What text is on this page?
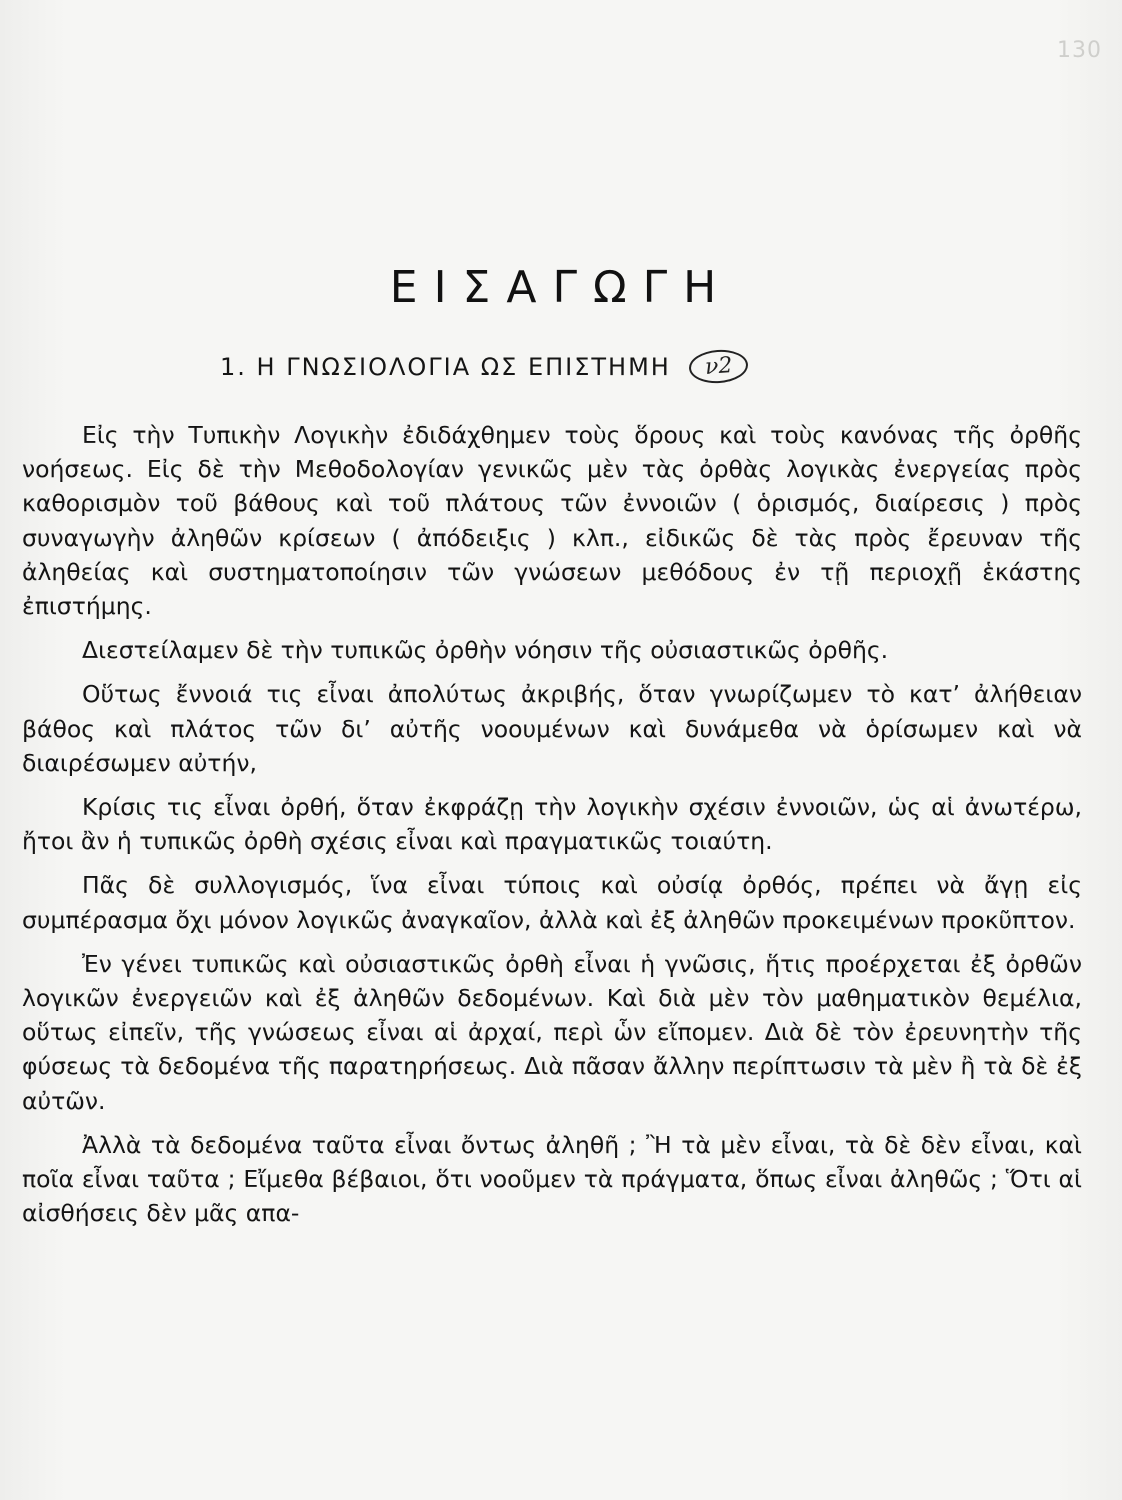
130
ΕΙΣΑΓΩΓΗ
1. Η ΓΝΩΣΙΟΛΟΓΙΑ ΩΣ ΕΠΙΣΤΗΜΗ	ν2

Εἰς τὴν Τυπικὴν Λογικὴν ἐδιδάχθημεν τοὺς ὅρους καὶ τοὺς κανόνας τῆς ὀρθῆς νοήσεως. Εἰς δὲ τὴν Μεθοδολογίαν γενικῶς μὲν τὰς ὀρθὰς λογικὰς ἐνεργείας πρὸς καθορισμὸν τοῦ βάθους καὶ τοῦ πλάτους τῶν ἐννοιῶν ( ὁρισμός, διαίρεσις ) πρὸς συναγωγὴν ἀληθῶν κρίσεων ( ἀπόδειξις ) κλπ., εἰδικῶς δὲ τὰς πρὸς ἔρευναν τῆς ἀληθείας καὶ συστηματοποίησιν τῶν γνώσεων μεθόδους ἐν τῇ περιοχῇ ἑκάστης ἐπιστήμης.

Διεστείλαμεν δὲ τὴν τυπικῶς ὀρθὴν νόησιν τῆς οὐσιαστικῶς ὀρθῆς.

Οὕτως ἔννοιά τις εἶναι ἀπολύτως ἀκριβής, ὅταν γνωρίζωμεν τὸ κατ’ ἀλήθειαν βάθος καὶ πλάτος τῶν δι’ αὐτῆς νοουμένων καὶ δυνάμεθα νὰ ὁρίσωμεν καὶ νὰ διαιρέσωμεν αὐτήν,

Κρίσις τις εἶναι ὀρθή, ὅταν ἐκφράζῃ τὴν λογικὴν σχέσιν ἐννοιῶν, ὡς αἱ ἀνωτέρω, ἤτοι ἂν ἡ τυπικῶς ὀρθὴ σχέσις εἶναι καὶ πραγματικῶς τοιαύτη.

Πᾶς δὲ συλλογισμός, ἵνα εἶναι τύποις καὶ οὐσίᾳ ὀρθός, πρέπει νὰ ἄγῃ εἰς συμπέρασμα ὄχι μόνον λογικῶς ἀναγκαῖον, ἀλλὰ καὶ ἐξ ἀληθῶν προκειμένων προκῦπτον.

Ἐν γένει τυπικῶς καὶ οὐσιαστικῶς ὀρθὴ εἶναι ἡ γνῶσις, ἥτις προέρχεται ἐξ ὀρθῶν λογικῶν ἐνεργειῶν καὶ ἐξ ἀληθῶν δεδομένων. Καὶ διὰ μὲν τὸν μαθηματικὸν θεμέλια, οὕτως εἰπεῖν, τῆς γνώσεως εἶναι αἱ ἀρχαί, περὶ ὧν εἴπομεν. Διὰ δὲ τὸν ἐρευνητὴν τῆς φύσεως τὰ δεδομένα τῆς παρατηρήσεως. Διὰ πᾶσαν ἄλλην περίπτωσιν τὰ μὲν ἢ τὰ δὲ ἐξ αὐτῶν.

Ἀλλὰ τὰ δεδομένα ταῦτα εἶναι ὄντως ἀληθῆ ; Ἢ τὰ μὲν εἶναι, τὰ δὲ δὲν εἶναι, καὶ ποῖα εἶναι ταῦτα ; Εἴμεθα βέβαιοι, ὅτι νοοῦμεν τὰ πράγματα, ὅπως εἶναι ἀληθῶς ; Ὅτι αἱ αἰσθήσεις δὲν μᾶς απα-
